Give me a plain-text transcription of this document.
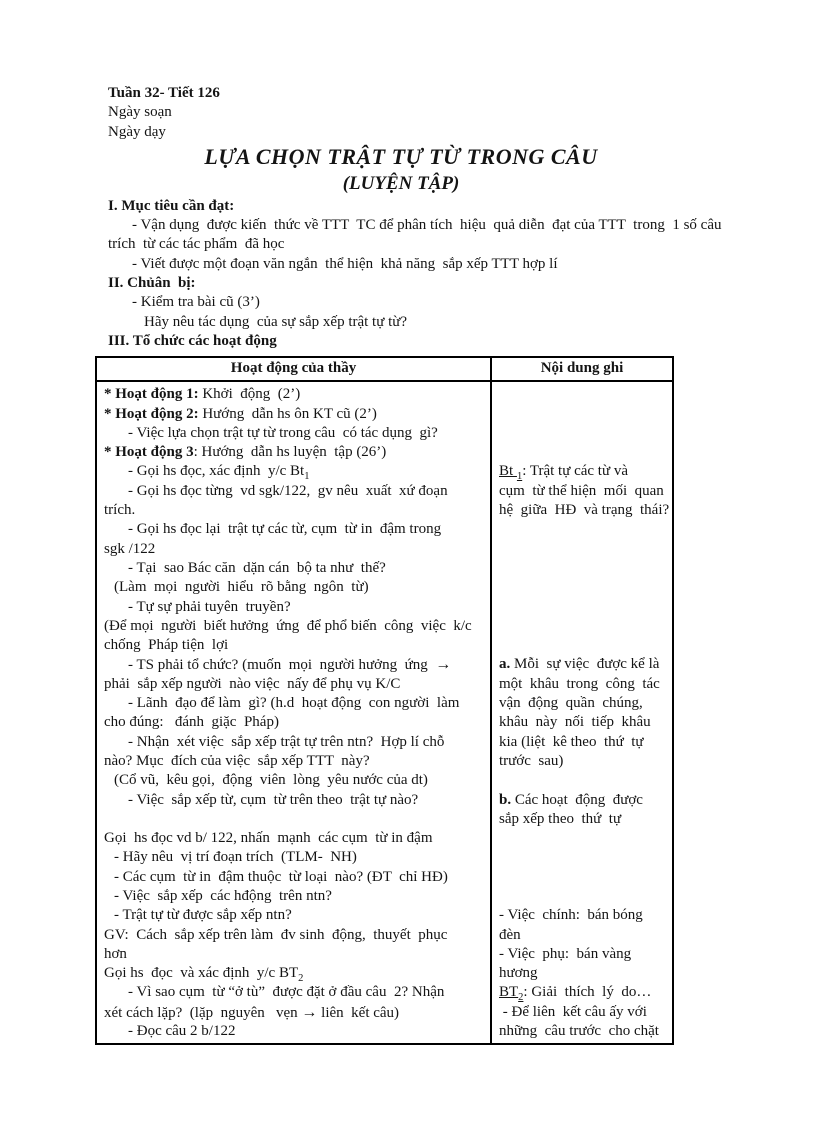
Tuần 32- Tiết 126
Ngày soạn
Ngày dạy
LỰA CHỌN TRẬT TỰ TỪ TRONG CÂU
(LUYỆN TẬP)
I. Mục tiêu cần đạt:
- Vận dụng  được kiến  thức về TTT  TC để phân tích  hiệu  quả diễn  đạt của TTT  trong  1 số câu
trích  từ các tác phẩm  đã học
- Viết được một đoạn văn ngắn  thể hiện  khả năng  sắp xếp TTT hợp lí
II. Chủân  bị:
- Kiểm tra bài cũ (3’)
Hãy nêu tác dụng  của sự sắp xếp trật tự từ?
III. Tổ chức các hoạt động
Hoạt động của thầy	Nội dung ghi
* Hoạt động 1: Khởi  động  (2’)
* Hoạt động 2: Hướng  dẫn hs ôn KT cũ (2’)
- Việc lựa chọn trật tự từ trong câu  có tác dụng  gì?
* Hoạt động 3: Hướng  dẫn hs luyện  tập (26’)
- Gọi hs đọc, xác định  y/c $Bt_1$
- Gọi hs đọc từng  vd sgk/122,  gv nêu  xuất  xứ đoạn
trích.
- Gọi hs đọc lại  trật tự các từ, cụm  từ in  đậm trong
sgk /122
- Tại  sao Bác căn  dặn cán  bộ ta như  thế?
(Làm  mọi  người  hiểu  rõ bằng  ngôn  từ)
- Tự sự phải tuyên  truyền?
(Để mọi  người  biết hưởng  ứng  để phổ biến  công  việc  k/c
chống  Pháp tiện  lợi
- TS phải tổ chức? (muốn  mọi  người hưởng  ứng  →
phải  sắp xếp người  nào việc  nấy để phụ vụ K/C
- Lãnh  đạo để làm  gì? (h.d  hoạt động  con người  làm
cho đúng:   đánh  giặc  Pháp)
- Nhận  xét việc  sắp xếp trật tự trên ntn?  Hợp lí chỗ
nào? Mục  đích của việc  sắp xếp TTT  này?
(Cổ vũ,  kêu gọi,  động  viên  lòng  yêu nước của dt)
- Việc  sắp xếp từ, cụm  từ trên theo  trật tự nào?
Gọi  hs đọc vd b/ 122, nhấn  mạnh  các cụm  từ in đậm
- Hãy nêu  vị trí đoạn trích  (TLM-  NH)
- Các cụm  từ in  đậm thuộc  từ loại  nào? (ĐT  chỉ HĐ)
- Việc  sắp xếp  các hđộng  trên ntn?
- Trật tự từ được sắp xếp ntn?
GV:  Cách  sắp xếp trên làm  đv sinh  động,  thuyết  phục
hơn
Gọi hs  đọc  và xác định  y/c $BT_2$
- Vì sao cụm  từ “ở tù”  được đặt ở đầu câu  2? Nhận
xét cách lặp?  (lặp  nguyên   vẹn → liên  kết câu)
- Đọc câu 2 b/122
Bt $_1$: Trật tự các từ và
cụm  từ thể hiện  mối  quan
hệ  giữa  HĐ  và trạng  thái?
a. Mỗi  sự việc  được kể là
một  khâu  trong  công  tác
vận  động  quần  chúng,
khâu  này  nối  tiếp  khâu
kia (liệt  kê theo  thứ  tự
trước  sau)
b. Các hoạt  động  được
sắp xếp theo  thứ  tự
- Việc  chính:  bán bóng
đèn
- Việc  phụ:  bán vàng
hương
$BT_2$: Giải  thích  lý  do…
- Để liên  kết câu ấy với
những  câu trước  cho chặt
